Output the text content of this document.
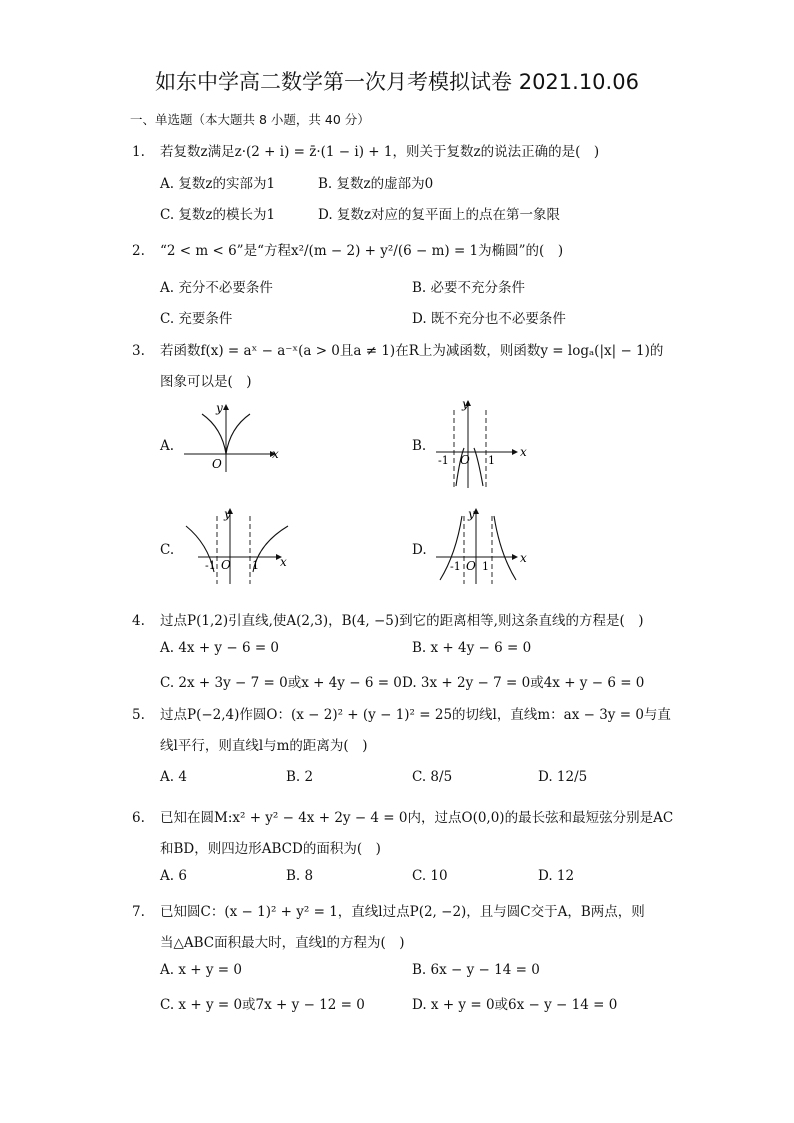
如东中学高二数学第一次月考模拟试卷 2021.10.06
一、单选题（本大题共 8 小题，共 40 分）
1. 若复数z满足z·(2 + i) = z̄·(1 − i) + 1，则关于复数z的说法正确的是(　)
A. 复数z的实部为1	B. 复数z的虚部为0
C. 复数z的模长为1	D. 复数z对应的复平面上的点在第一象限
2. “2 < m < 6”是“方程x²/(m − 2) + y²/(6 − m) = 1为椭圆”的(　)
A. 充分不必要条件	B. 必要不充分条件
C. 充要条件	D. 既不充分也不必要条件
3. 若函数f(x) = aˣ − a⁻ˣ(a > 0且a ≠ 1)在R上为减函数，则函数y = logₐ(|x| − 1)的
图象可以是(　)
A.	B.
C.	D.
x
y
O
x
y
O
-1	1
x
y
O
-1	1
x
y
O
-1 1
4. 过点P(1,2)引直线,使A(2,3)，B(4, −5)到它的距离相等,则这条直线的方程是(　)
A. 4x + y − 6 = 0	B. x + 4y − 6 = 0
C. 2x + 3y − 7 = 0或x + 4y − 6 = 0 D. 3x + 2y − 7 = 0或4x + y − 6 = 0
5. 过点P(−2,4)作圆O：(x − 2)² + (y − 1)² = 25的切线l，直线m：ax − 3y = 0与直
线l平行，则直线l与m的距离为(　)
A. 4	B. 2	C. 8/5	D. 12/5
6. 已知在圆M:x² + y² − 4x + 2y − 4 = 0内，过点O(0,0)的最长弦和最短弦分别是AC
和BD，则四边形ABCD的面积为(　)
A. 6	B. 8	C. 10	D. 12
7. 已知圆C：(x − 1)² + y² = 1，直线l过点P(2, −2)，且与圆C交于A，B两点，则
当△ABC面积最大时，直线l的方程为(　)
A. x + y = 0	B. 6x − y − 14 = 0
C. x + y = 0或7x + y − 12 = 0	D. x + y = 0或6x − y − 14 = 0
